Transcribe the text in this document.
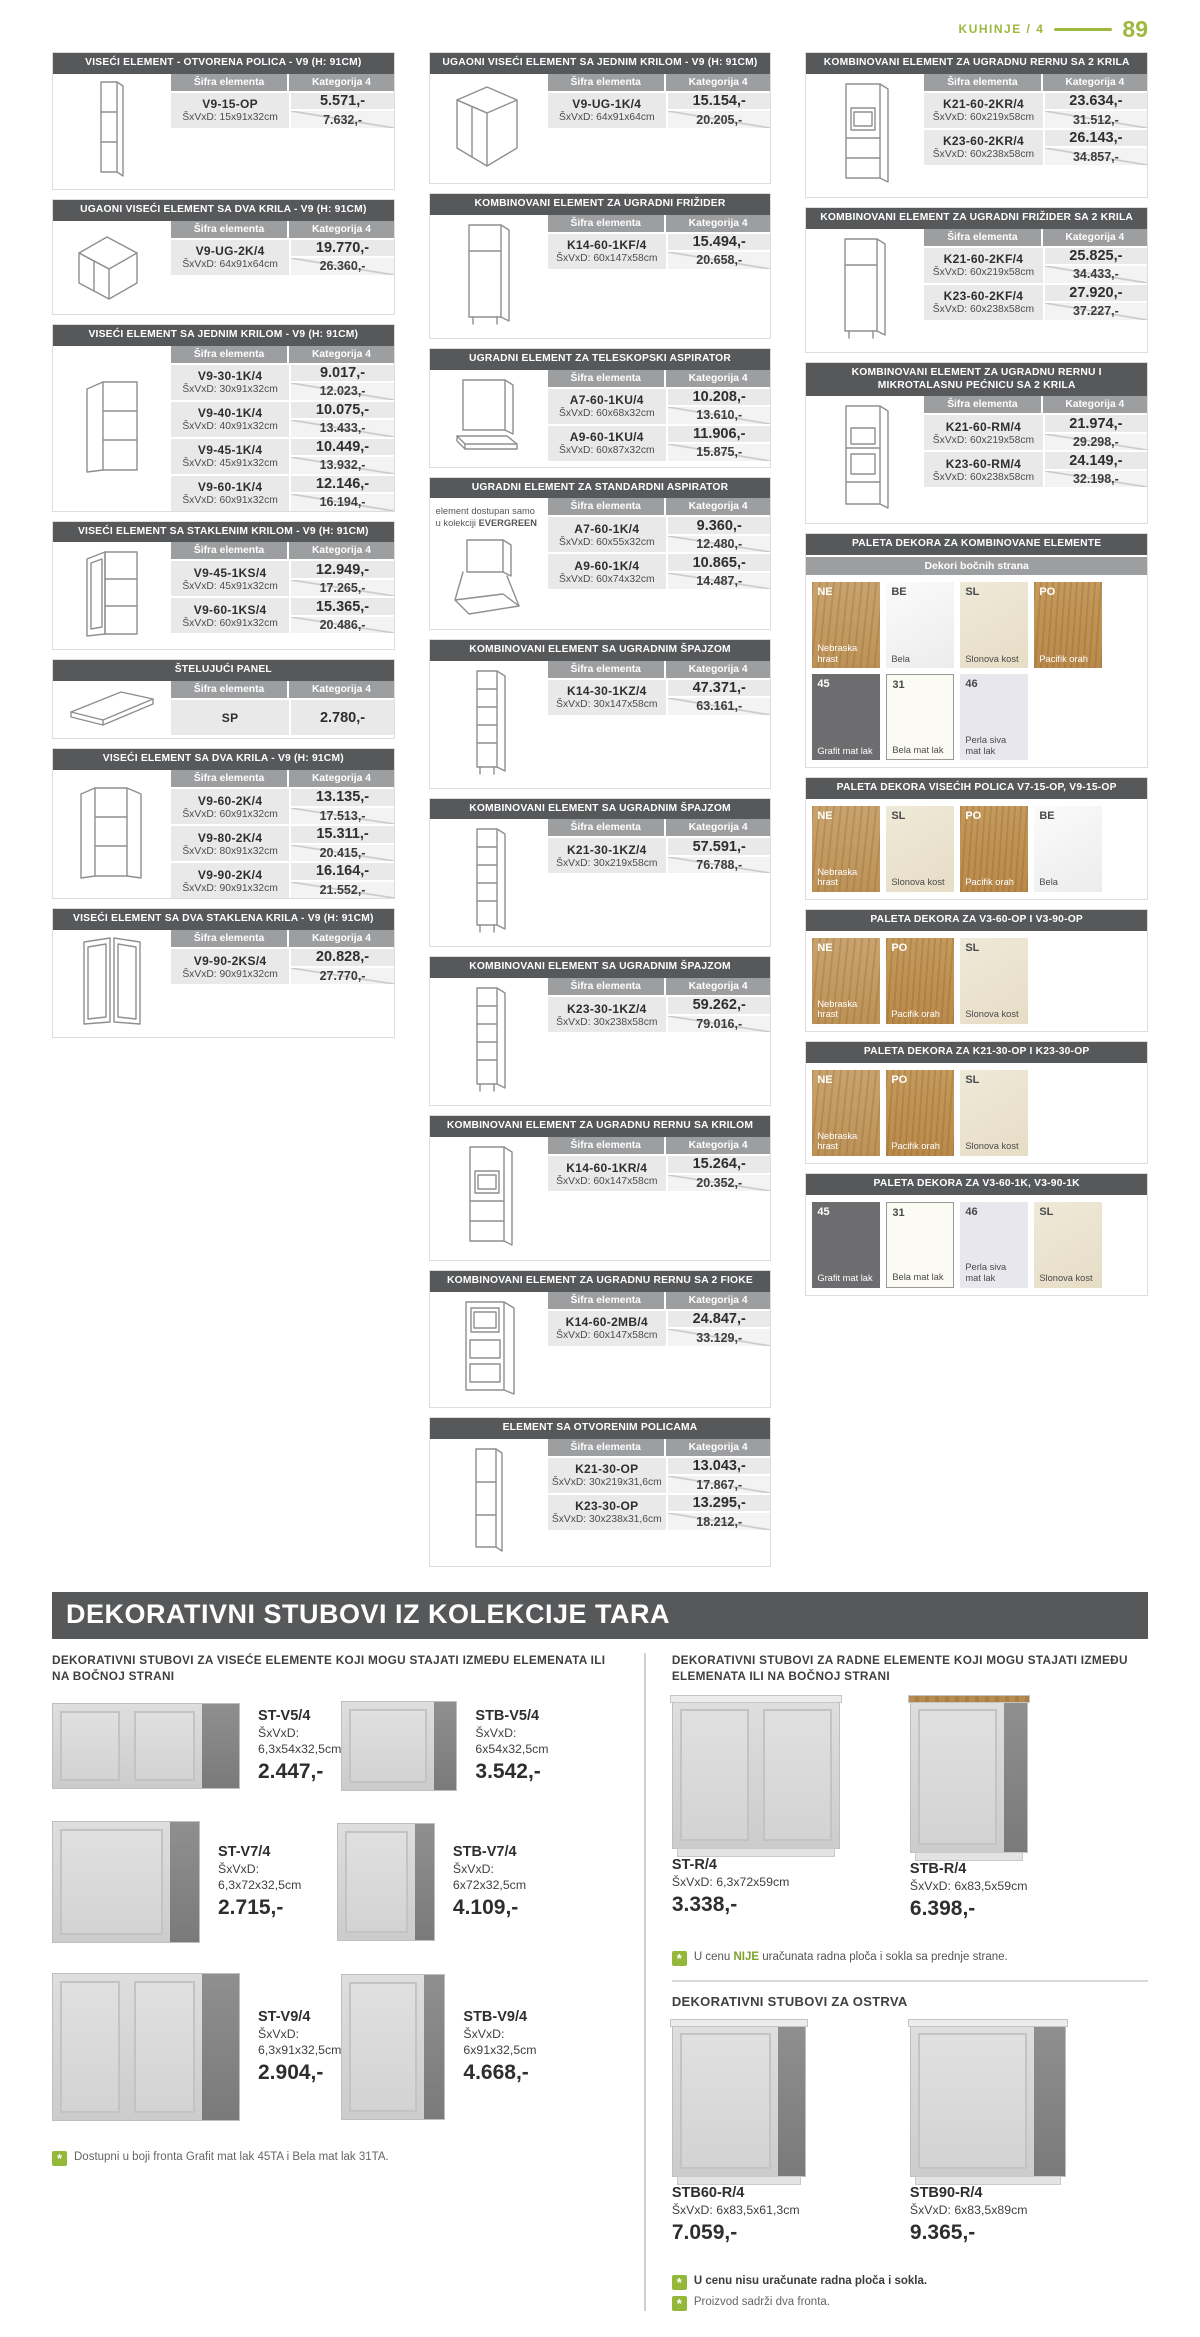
KUHINJE / 4	89
VISEĆI ELEMENT - OTVORENA POLICA - V9 (H: 91CM)
Šifra elementa	Kategorija 4
V9-15-OP
ŠxVxD: 15x91x32cm
5.571,-
7.632,-
UGAONI VISEĆI ELEMENT SA DVA KRILA - V9 (H: 91CM)
Šifra elementa	Kategorija 4
V9-UG-2K/4
ŠxVxD: 64x91x64cm
19.770,-
26.360,-
VISEĆI ELEMENT SA JEDNIM KRILOM - V9 (H: 91CM)
Šifra elementa	Kategorija 4
V9-30-1K/4
ŠxVxD: 30x91x32cm
9.017,-
12.023,-
V9-40-1K/4
ŠxVxD: 40x91x32cm
10.075,-
13.433,-
V9-45-1K/4
ŠxVxD: 45x91x32cm
10.449,-
13.932,-
V9-60-1K/4
ŠxVxD: 60x91x32cm
12.146,-
16.194,-
VISEĆI ELEMENT SA STAKLENIM KRILOM - V9 (H: 91CM)
Šifra elementa	Kategorija 4
V9-45-1KS/4
ŠxVxD: 45x91x32cm
12.949,-
17.265,-
V9-60-1KS/4
ŠxVxD: 60x91x32cm
15.365,-
20.486,-
ŠTELUJUĆI PANEL
Šifra elementa	Kategorija 4
SP	2.780,-
VISEĆI ELEMENT SA DVA KRILA - V9 (H: 91CM)
Šifra elementa	Kategorija 4
V9-60-2K/4
ŠxVxD: 60x91x32cm
13.135,-
17.513,-
V9-80-2K/4
ŠxVxD: 80x91x32cm
15.311,-
20.415,-
V9-90-2K/4
ŠxVxD: 90x91x32cm
16.164,-
21.552,-
VISEĆI ELEMENT SA DVA STAKLENA KRILA - V9 (H: 91CM)
Šifra elementa	Kategorija 4
V9-90-2KS/4
ŠxVxD: 90x91x32cm
20.828,-
27.770,-
UGAONI VISEĆI ELEMENT SA JEDNIM KRILOM - V9 (H: 91CM)
Šifra elementa	Kategorija 4
V9-UG-1K/4
ŠxVxD: 64x91x64cm
15.154,-
20.205,-
KOMBINOVANI ELEMENT ZA UGRADNI FRIŽIDER
Šifra elementa	Kategorija 4
K14-60-1KF/4
ŠxVxD: 60x147x58cm
15.494,-
20.658,-
UGRADNI ELEMENT ZA TELESKOPSKI ASPIRATOR
Šifra elementa	Kategorija 4
A7-60-1KU/4
ŠxVxD: 60x68x32cm
10.208,-
13.610,-
A9-60-1KU/4
ŠxVxD: 60x87x32cm
11.906,-
15.875,-
UGRADNI ELEMENT ZA STANDARDNI ASPIRATOR
element dostupan samo u kolekciji EVERGREEN
Šifra elementa	Kategorija 4
A7-60-1K/4
ŠxVxD: 60x55x32cm
9.360,-
12.480,-
A9-60-1K/4
ŠxVxD: 60x74x32cm
10.865,-
14.487,-
KOMBINOVANI ELEMENT SA UGRADNIM ŠPAJZOM
Šifra elementa	Kategorija 4
K14-30-1KZ/4
ŠxVxD: 30x147x58cm
47.371,-
63.161,-
KOMBINOVANI ELEMENT SA UGRADNIM ŠPAJZOM
Šifra elementa	Kategorija 4
K21-30-1KZ/4
ŠxVxD: 30x219x58cm
57.591,-
76.788,-
KOMBINOVANI ELEMENT SA UGRADNIM ŠPAJZOM
Šifra elementa	Kategorija 4
K23-30-1KZ/4
ŠxVxD: 30x238x58cm
59.262,-
79.016,-
KOMBINOVANI ELEMENT ZA UGRADNU RERNU SA KRILOM
Šifra elementa	Kategorija 4
K14-60-1KR/4
ŠxVxD: 60x147x58cm
15.264,-
20.352,-
KOMBINOVANI ELEMENT ZA UGRADNU RERNU SA 2 FIOKE
Šifra elementa	Kategorija 4
K14-60-2MB/4
ŠxVxD: 60x147x58cm
24.847,-
33.129,-
ELEMENT SA OTVORENIM POLICAMA
Šifra elementa	Kategorija 4
K21-30-OP
ŠxVxD: 30x219x31,6cm
13.043,-
17.867,-
K23-30-OP
ŠxVxD: 30x238x31,6cm
13.295,-
18.212,-
KOMBINOVANI ELEMENT ZA UGRADNU RERNU SA 2 KRILA
Šifra elementa	Kategorija 4
K21-60-2KR/4
ŠxVxD: 60x219x58cm
23.634,-
31.512,-
K23-60-2KR/4
ŠxVxD: 60x238x58cm
26.143,-
34.857,-
KOMBINOVANI ELEMENT ZA UGRADNI FRIŽIDER SA 2 KRILA
Šifra elementa	Kategorija 4
K21-60-2KF/4
ŠxVxD: 60x219x58cm
25.825,-
34.433,-
K23-60-2KF/4
ŠxVxD: 60x238x58cm
27.920,-
37.227,-
KOMBINOVANI ELEMENT ZA UGRADNU RERNU I MIKROTALASNU PEĆNICU SA 2 KRILA
Šifra elementa	Kategorija 4
K21-60-RM/4
ŠxVxD: 60x219x58cm
21.974,-
29.298,-
K23-60-RM/4
ŠxVxD: 60x238x58cm
24.149,-
32.198,-
PALETA DEKORA ZA KOMBINOVANE ELEMENTE
Dekori bočnih strana
NE
Nebraska hrast
BE
Bela
SL
Slonova kost
PO
Pacifik orah
45
Grafit mat lak
31
Bela mat lak
46
Perla siva mat lak
PALETA DEKORA VISEĆIH POLICA V7-15-OP, V9-15-OP
NE
Nebraska hrast
SL
Slonova kost
PO
Pacifik orah
BE
Bela
PALETA DEKORA ZA V3-60-OP I V3-90-OP
NE
Nebraska hrast
PO
Pacifik orah
SL
Slonova kost
PALETA DEKORA ZA K21-30-OP I K23-30-OP
NE
Nebraska hrast
PO
Pacifik orah
SL
Slonova kost
PALETA DEKORA ZA V3-60-1K, V3-90-1K
45
Grafit mat lak
31
Bela mat lak
46
Perla siva mat lak
SL
Slonova kost
DEKORATIVNI STUBOVI IZ KOLEKCIJE TARA
DEKORATIVNI STUBOVI ZA VISEĆE ELEMENTE KOJI MOGU STAJATI IZMEĐU ELEMENATA ILI NA BOČNOJ STRANI
ST-V5/4
ŠxVxD:
6,3x54x32,5cm
2.447,-
STB-V5/4
ŠxVxD:
6x54x32,5cm
3.542,-
ST-V7/4
ŠxVxD:
6,3x72x32,5cm
2.715,-
STB-V7/4
ŠxVxD:
6x72x32,5cm
4.109,-
ST-V9/4
ŠxVxD:
6,3x91x32,5cm
2.904,-
STB-V9/4
ŠxVxD:
6x91x32,5cm
4.668,-
*	Dostupni u boji fronta Grafit mat lak 45TA i Bela mat lak 31TA.
DEKORATIVNI STUBOVI ZA RADNE ELEMENTE KOJI MOGU STAJATI IZMEĐU ELEMENATA ILI NA BOČNOJ STRANI
ST-R/4
ŠxVxD: 6,3x72x59cm
3.338,-
STB-R/4
ŠxVxD: 6x83,5x59cm
6.398,-
*	U cenu NIJE uračunata radna ploča i sokla sa prednje strane.
DEKORATIVNI STUBOVI ZA OSTRVA
STB60-R/4
ŠxVxD: 6x83,5x61,3cm
7.059,-
STB90-R/4
ŠxVxD: 6x83,5x89cm
9.365,-
*	U cenu nisu uračunate radna ploča i sokla.
*	Proizvod sadrži dva fronta.
